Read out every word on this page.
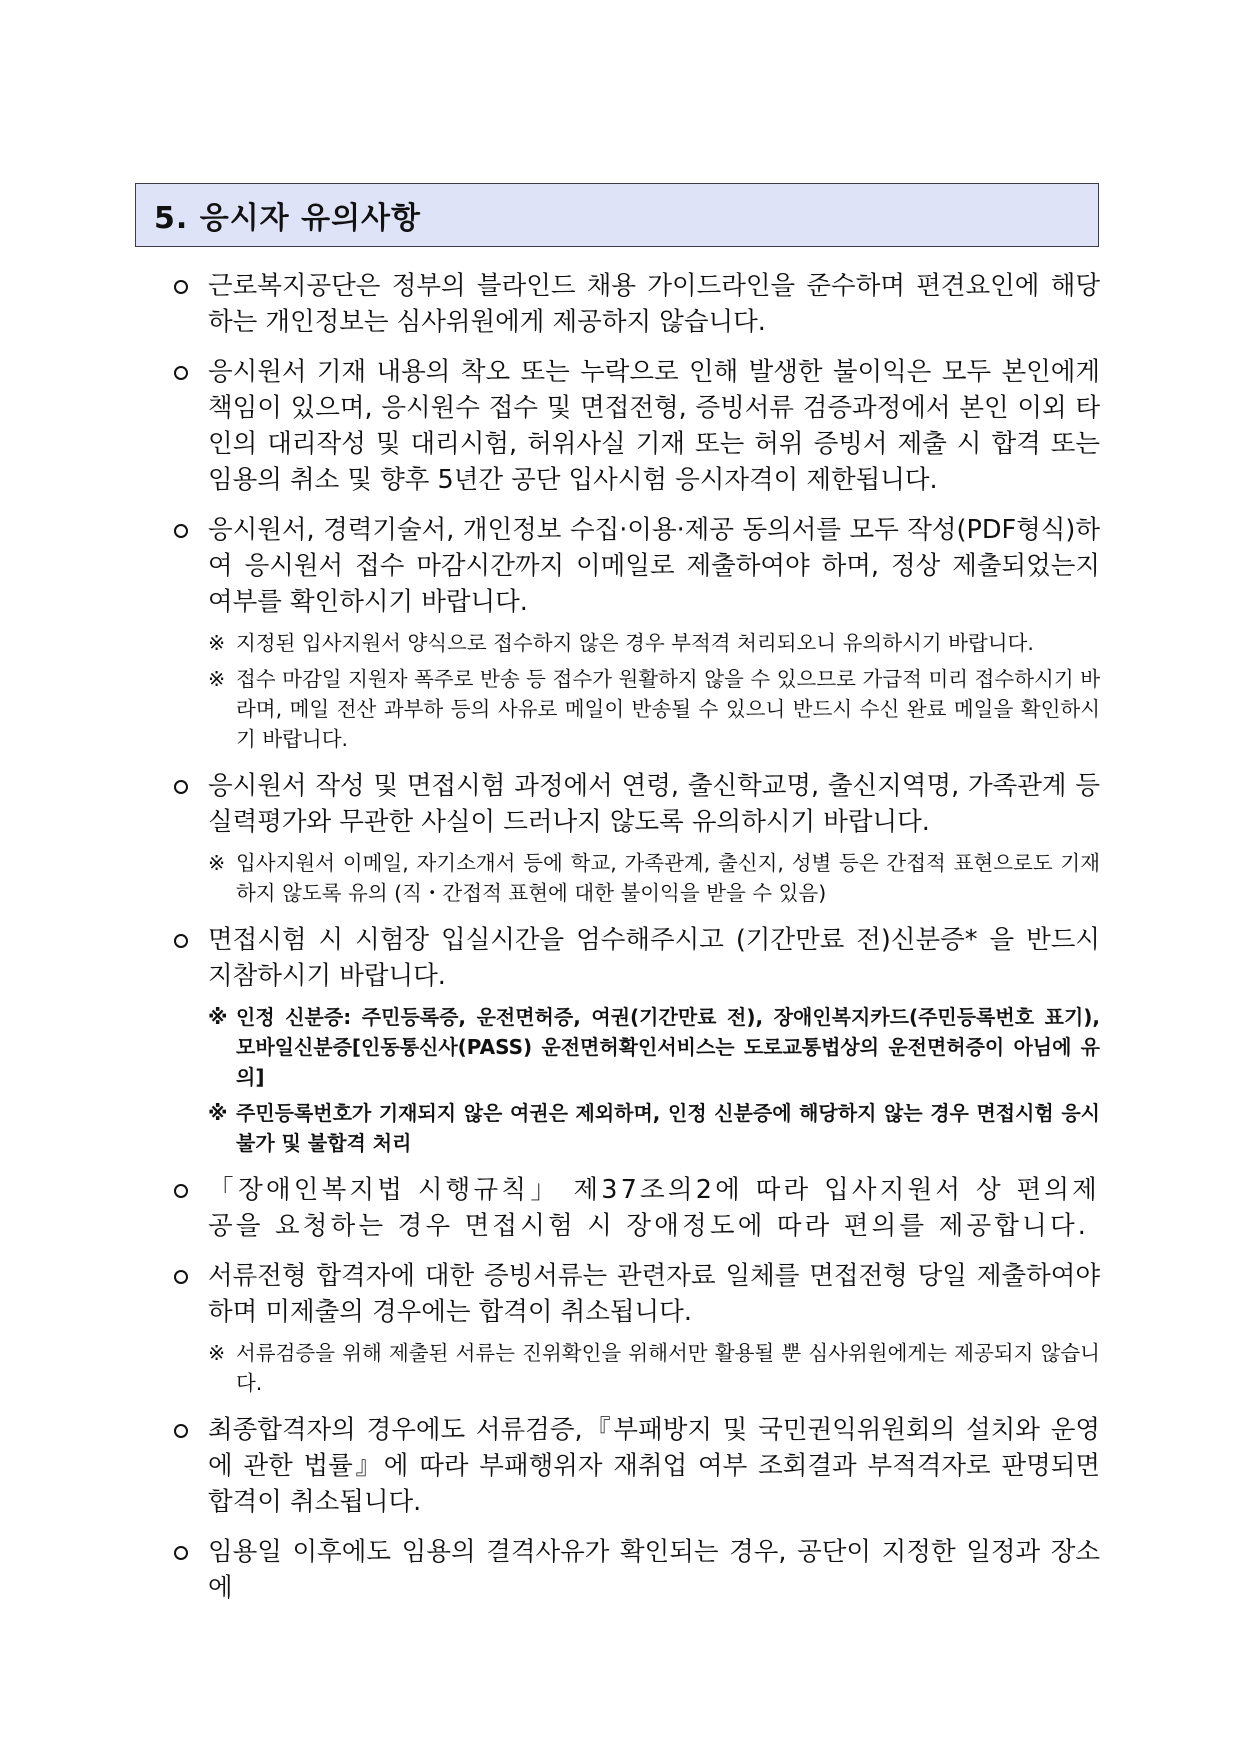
5. 응시자 유의사항
근로복지공단은 정부의 블라인드 채용 가이드라인을 준수하며 편견요인에 해당하는 개인정보는 심사위원에게 제공하지 않습니다.
응시원서 기재 내용의 착오 또는 누락으로 인해 발생한 불이익은 모두 본인에게 책임이 있으며, 응시원수 접수 및 면접전형, 증빙서류 검증과정에서 본인 이외 타인의 대리작성 및 대리시험, 허위사실 기재 또는 허위 증빙서 제출 시 합격 또는 임용의 취소 및 향후 5년간 공단 입사시험 응시자격이 제한됩니다.
응시원서, 경력기술서, 개인정보 수집·이용·제공 동의서를 모두 작성(PDF형식)하여 응시원서 접수 마감시간까지 이메일로 제출하여야 하며, 정상 제출되었는지 여부를 확인하시기 바랍니다.
※ 지정된 입사지원서 양식으로 접수하지 않은 경우 부적격 처리되오니 유의하시기 바랍니다.
※ 접수 마감일 지원자 폭주로 반송 등 접수가 원활하지 않을 수 있으므로 가급적 미리 접수하시기 바라며, 메일 전산 과부하 등의 사유로 메일이 반송될 수 있으니 반드시 수신 완료 메일을 확인하시기 바랍니다.
응시원서 작성 및 면접시험 과정에서 연령, 출신학교명, 출신지역명, 가족관계 등 실력평가와 무관한 사실이 드러나지 않도록 유의하시기 바랍니다.
※ 입사지원서 이메일, 자기소개서 등에 학교, 가족관계, 출신지, 성별 등은 간접적 표현으로도 기재하지 않도록 유의 (직・간접적 표현에 대한 불이익을 받을 수 있음)
면접시험 시 시험장 입실시간을 엄수해주시고 (기간만료 전)신분증* 을 반드시 지참하시기 바랍니다.
※ 인정 신분증: 주민등록증, 운전면허증, 여권(기간만료 전), 장애인복지카드(주민등록번호 표기), 모바일신분증[인동통신사(PASS) 운전면허확인서비스는 도로교통법상의 운전면허증이 아님에 유의]
※ 주민등록번호가 기재되지 않은 여권은 제외하며, 인정 신분증에 해당하지 않는 경우 면접시험 응시 불가 및 불합격 처리
「장애인복지법 시행규칙」 제37조의2에 따라 입사지원서 상 편의제공을 요청하는 경우 면접시험 시 장애정도에 따라 편의를 제공합니다.
서류전형 합격자에 대한 증빙서류는 관련자료 일체를 면접전형 당일 제출하여야 하며 미제출의 경우에는 합격이 취소됩니다.
※ 서류검증을 위해 제출된 서류는 진위확인을 위해서만 활용될 뿐 심사위원에게는 제공되지 않습니다.
최종합격자의 경우에도 서류검증,『부패방지 및 국민권익위원회의 설치와 운영에 관한 법률』에 따라 부패행위자 재취업 여부 조회결과 부적격자로 판명되면 합격이 취소됩니다.
임용일 이후에도 임용의 결격사유가 확인되는 경우, 공단이 지정한 일정과 장소에
